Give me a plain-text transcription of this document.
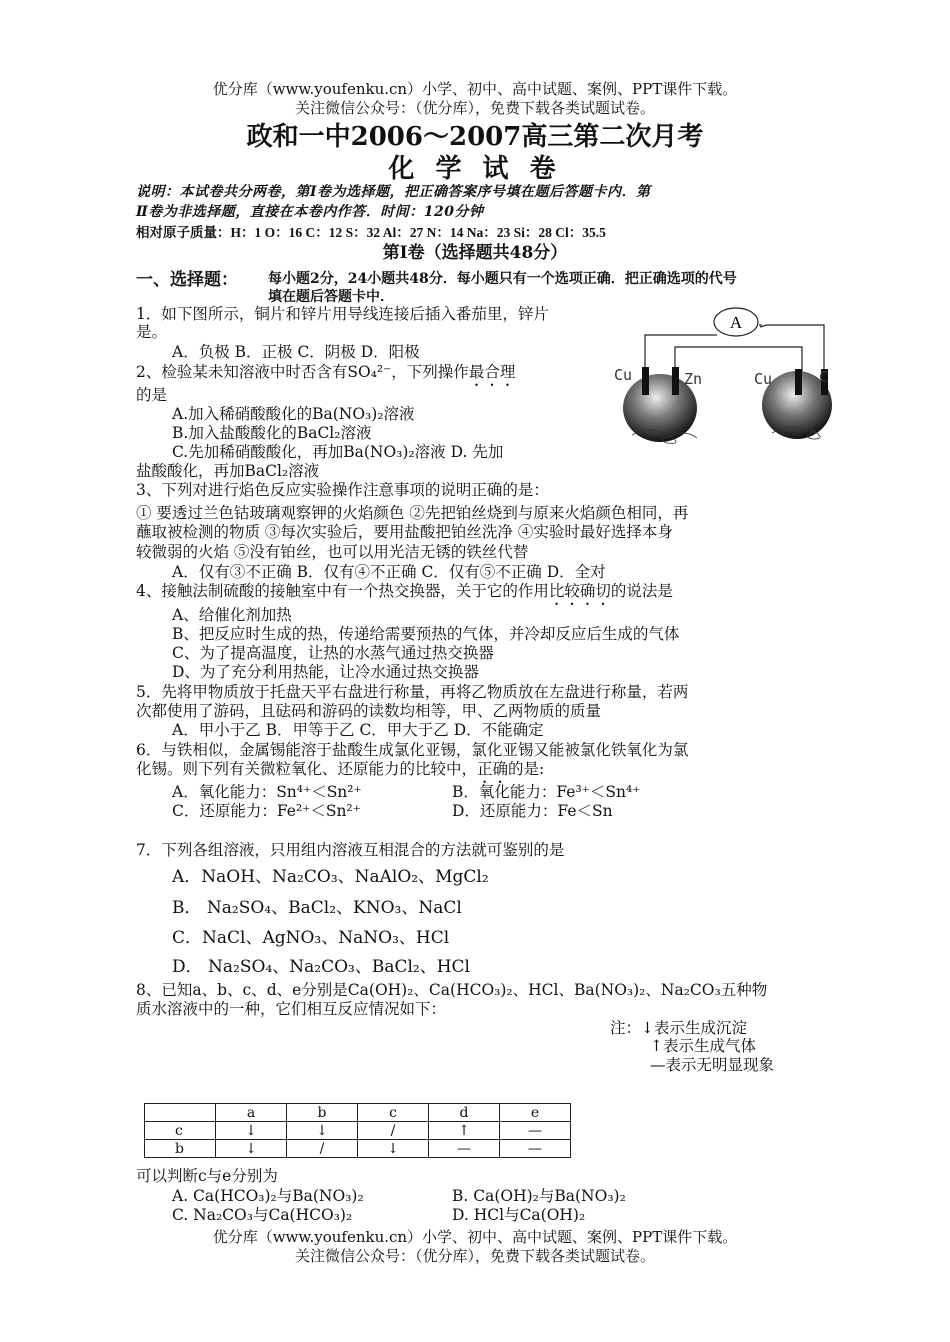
优分库（www.youfenku.cn）小学、初中、高中试题、案例、PPT课件下载。
关注微信公众号：（优分库），免费下载各类试题试卷。
政和一中2006～2007高三第二次月考
化 学 试 卷
说明：本试卷共分两卷，第Ⅰ卷为选择题，把正确答案序号填在题后答题卡内．第
Ⅱ卷为非选择题，直接在本卷内作答．时间：120分钟
相对原子质量：H：1 O：16 C：12 S：32 Al：27 N：14 Na：23 Si：28 Cl：35.5
第Ⅰ卷（选择题共48分）
一、选择题： 每小题2分，24小题共48分．每小题只有一个选项正确．把正确选项的代号
填在题后答题卡中．
A
Cu	Zn	Cu	C
1．如下图所示，铜片和锌片用导线连接后插入番茄里，锌片
是。
A．负极 B．正极 C．阴极 D．阳极
2、检验某未知溶液中时否含有SO₄²⁻，下列操作最合理
的是
A.加入稀硝酸酸化的Ba(NO₃)₂溶液
B.加入盐酸酸化的BaCl₂溶液
C.先加稀硝酸酸化，再加Ba(NO₃)₂溶液 D. 先加
盐酸酸化，再加BaCl₂溶液
3、下列对进行焰色反应实验操作注意事项的说明正确的是：
① 要透过兰色钴玻璃观察钾的火焰颜色 ②先把铂丝烧到与原来火焰颜色相同，再
蘸取被检测的物质 ③每次实验后，要用盐酸把铂丝洗净 ④实验时最好选择本身
较微弱的火焰 ⑤没有铂丝，也可以用光洁无锈的铁丝代替
A．仅有③不正确 B．仅有④不正确 C．仅有⑤不正确 D．全对
4、接触法制硫酸的接触室中有一个热交换器，关于它的作用比较确切的说法是
A、给催化剂加热
B、把反应时生成的热，传递给需要预热的气体，并冷却反应后生成的气体
C、为了提高温度，让热的水蒸气通过热交换器
D、为了充分利用热能，让冷水通过热交换器
5．先将甲物质放于托盘天平右盘进行称量，再将乙物质放在左盘进行称量，若两
次都使用了游码，且砝码和游码的读数均相等，甲、乙两物质的质量
A．甲小于乙 B．甲等于乙 C．甲大于乙 D．不能确定
6．与铁相似，金属锡能溶于盐酸生成氯化亚锡，氯化亚锡又能被氯化铁氧化为氯
化锡。则下列有关微粒氧化、还原能力的比较中，正确的是:
A．氧化能力：Sn⁴⁺＜Sn²⁺	B．氧化能力：Fe³⁺＜Sn⁴⁺
C．还原能力：Fe²⁺＜Sn²⁺	D．还原能力：Fe＜Sn
7．下列各组溶液，只用组内溶液互相混合的方法就可鉴别的是
A．NaOH、Na₂CO₃、NaAlO₂、MgCl₂
B． Na₂SO₄、BaCl₂、KNO₃、NaCl
C．NaCl、AgNO₃、NaNO₃、HCl
D． Na₂SO₄、Na₂CO₃、BaCl₂、HCl
8、已知a、b、c、d、e分别是Ca(OH)₂、Ca(HCO₃)₂、HCl、Ba(NO₃)₂、Na₂CO₃五种物
质水溶液中的一种，它们相互反应情况如下：
注：↓表示生成沉淀
↑表示生成气体
—表示无明显现象
	a	b	c	d	e
c	↓	↓	/	↑	—
b	↓	/	↓	—	—
可以判断c与e分别为
A. Ca(HCO₃)₂与Ba(NO₃)₂	B. Ca(OH)₂与Ba(NO₃)₂
C. Na₂CO₃与Ca(HCO₃)₂	D. HCl与Ca(OH)₂
优分库（www.youfenku.cn）小学、初中、高中试题、案例、PPT课件下载。
关注微信公众号：（优分库），免费下载各类试题试卷。
